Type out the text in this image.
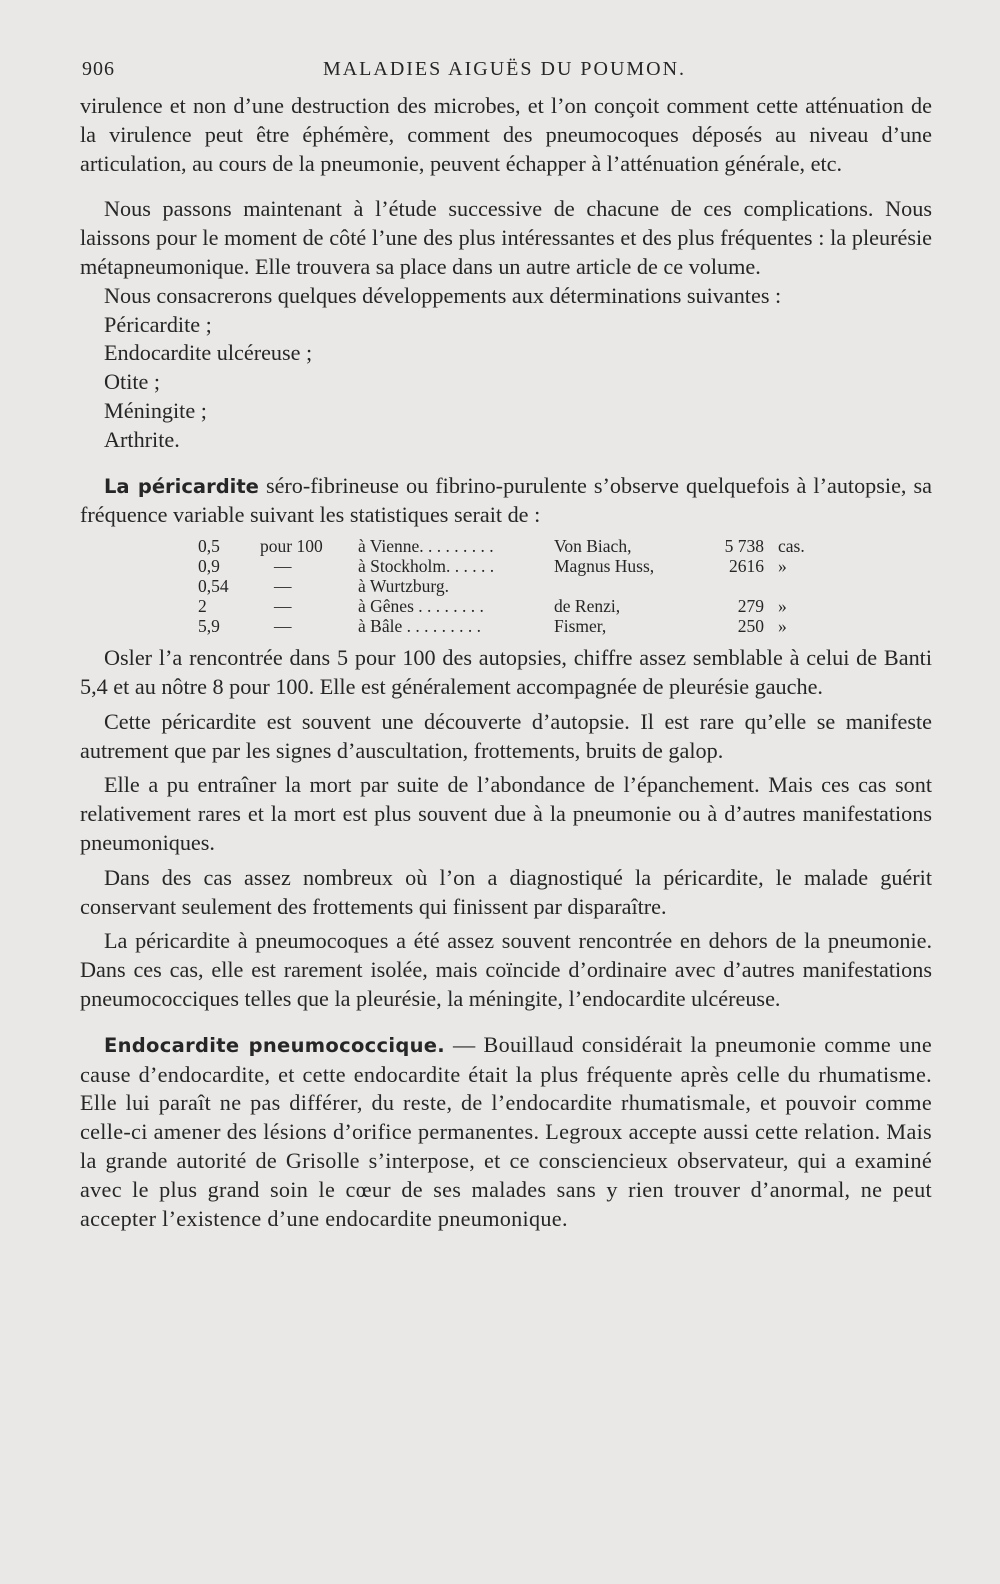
906	MALADIES AIGUËS DU POUMON.

virulence et non d’une destruction des microbes, et l’on conçoit comment cette atténuation de la virulence peut être éphémère, comment des pneumocoques déposés au niveau d’une articulation, au cours de la pneumonie, peuvent échapper à l’atténuation générale, etc.

Nous passons maintenant à l’étude successive de chacune de ces complications. Nous laissons pour le moment de côté l’une des plus intéressantes et des plus fréquentes : la pleurésie métapneumonique. Elle trouvera sa place dans un autre article de ce volume.

Nous consacrerons quelques développements aux déterminations suivantes :

Péricardite ;

Endocardite ulcéreuse ;

Otite ;

Méningite ;

Arthrite.

La péricardite séro-fibrineuse ou fibrino-purulente s’observe quelquefois à l’autopsie, sa fréquence variable suivant les statistiques serait de :

0,5	pour 100	à Vienne. . . . . . . . .	Von Biach,	5 738	cas.
0,9	—	à Stockholm. . . . . .	Magnus Huss,	2616	»
0,54	—	à Wurtzburg.			
2	—	à Gênes . . . . . . . .	de Renzi,	279	»
5,9	—	à Bâle . . . . . . . . .	Fismer,	250	»

Osler l’a rencontrée dans 5 pour 100 des autopsies, chiffre assez semblable à celui de Banti 5,4 et au nôtre 8 pour 100. Elle est généralement accompagnée de pleurésie gauche.

Cette péricardite est souvent une découverte d’autopsie. Il est rare qu’elle se manifeste autrement que par les signes d’auscultation, frottements, bruits de galop.

Elle a pu entraîner la mort par suite de l’abondance de l’épanchement. Mais ces cas sont relativement rares et la mort est plus souvent due à la pneumonie ou à d’autres manifestations pneumoniques.

Dans des cas assez nombreux où l’on a diagnostiqué la péricardite, le malade guérit conservant seulement des frottements qui finissent par disparaître.

La péricardite à pneumocoques a été assez souvent rencontrée en dehors de la pneumonie. Dans ces cas, elle est rarement isolée, mais coïncide d’ordinaire avec d’autres manifestations pneumococciques telles que la pleurésie, la méningite, l’endocardite ulcéreuse.

Endocardite pneumococcique. — Bouillaud considérait la pneumonie comme une cause d’endocardite, et cette endocardite était la plus fréquente après celle du rhumatisme. Elle lui paraît ne pas différer, du reste, de l’endocardite rhumatismale, et pouvoir comme celle-ci amener des lésions d’orifice permanentes. Legroux accepte aussi cette relation. Mais la grande autorité de Grisolle s’interpose, et ce consciencieux observateur, qui a examiné avec le plus grand soin le cœur de ses malades sans y rien trouver d’anormal, ne peut accepter l’existence d’une endocardite pneumonique.
